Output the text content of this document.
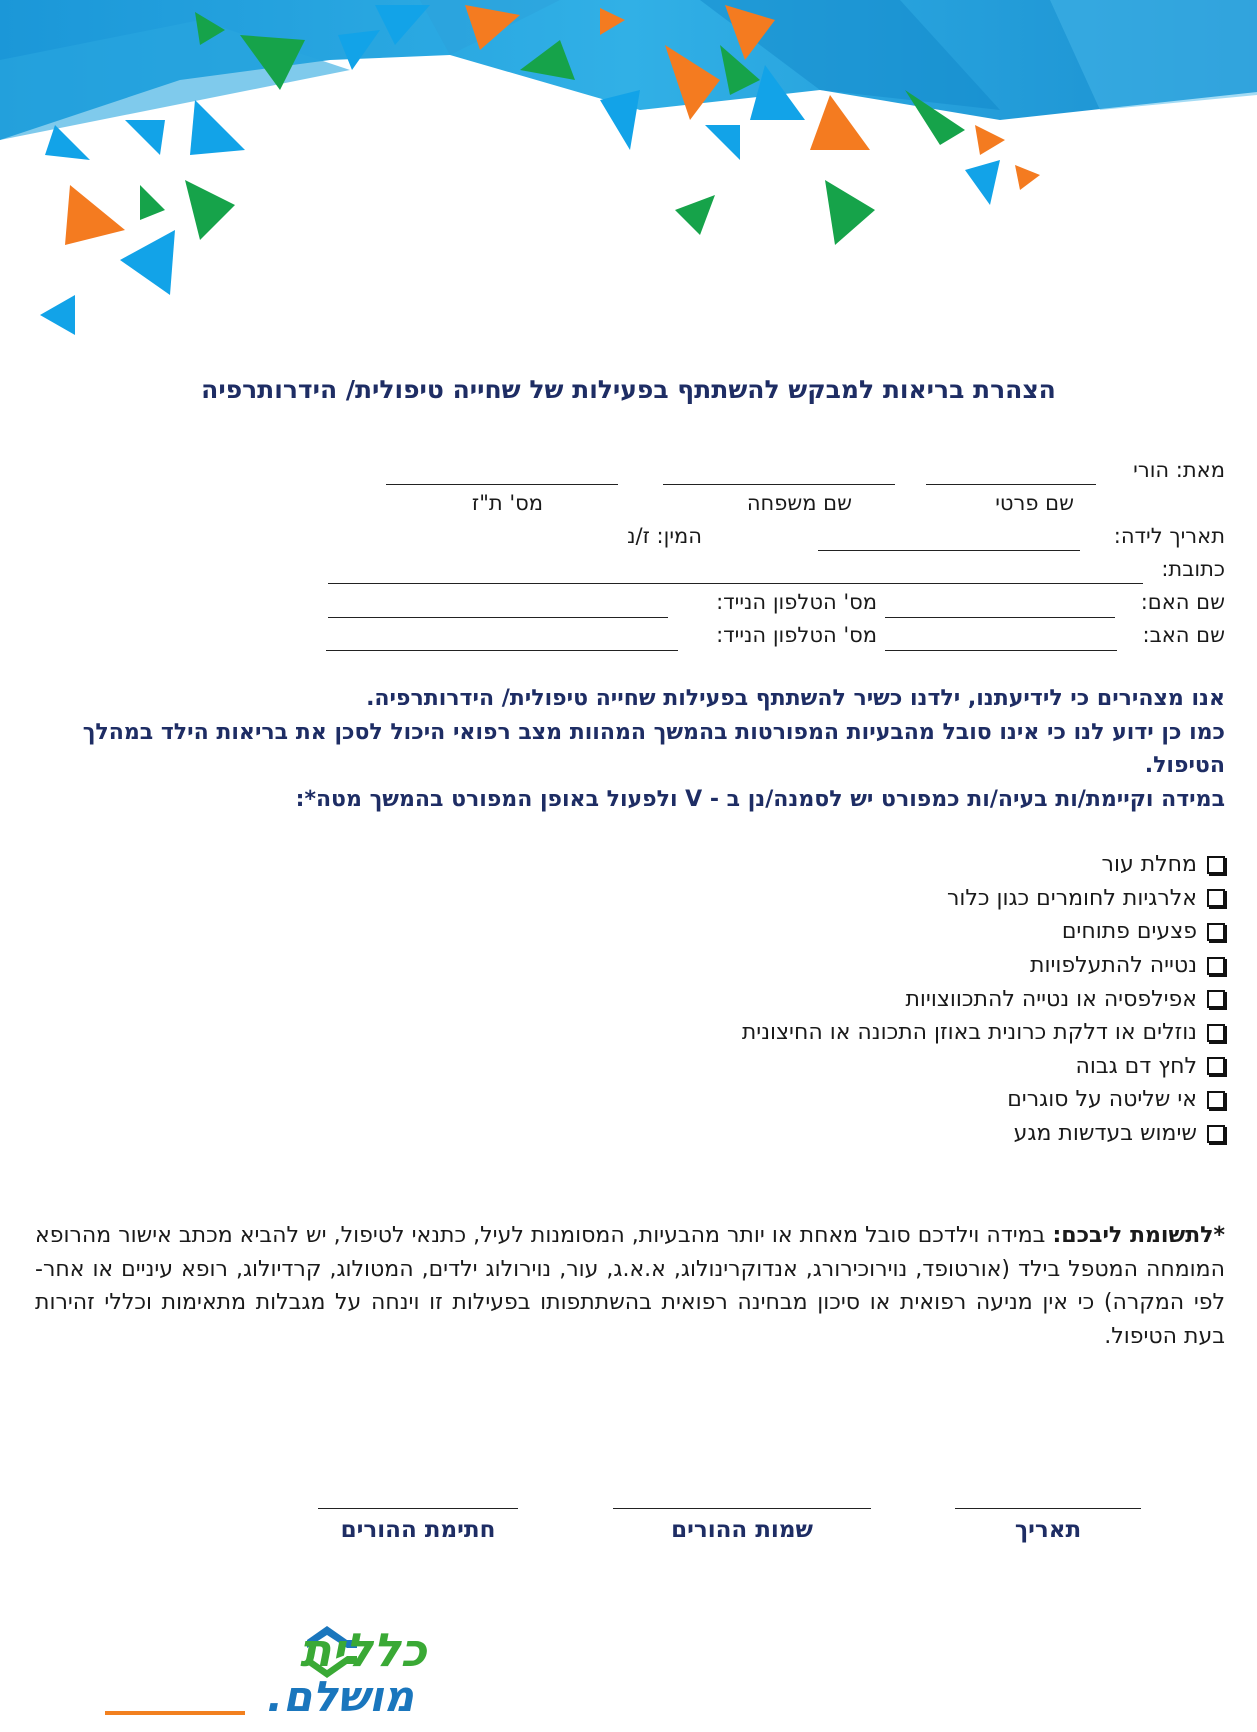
הצהרת בריאות למבקש להשתתף בפעילות של שחייה טיפולית/ הידרותרפיה
מאת: הורי
שם פרטי
שם משפחה
מס' ת"ז
תאריך לידה:
המין: ז/נ
כתובת:
שם האם:
מס' הטלפון הנייד:
שם האב:
מס' הטלפון הנייד:

אנו מצהירים כי לידיעתנו, ילדנו כשיר להשתתף בפעילות שחייה טיפולית/ הידרותרפיה.

כמו כן ידוע לנו כי אינו סובל מהבעיות המפורטות בהמשך המהוות מצב רפואי היכול לסכן את בריאות הילד במהלך הטיפול.

במידה וקיימת/ות בעיה/ות כמפורט יש לסמנה/נן ב - V ולפעול באופן המפורט בהמשך מטה*:

מחלת עור
אלרגיות לחומרים כגון כלור
פצעים פתוחים
נטייה להתעלפויות
אפילפסיה או נטייה להתכווצויות
נוזלים או דלקת כרונית באוזן התכונה או החיצונית
לחץ דם גבוה
אי שליטה על סוגרים
שימוש בעדשות מגע
*לתשומת ליבכם: במידה וילדכם סובל מאחת או יותר מהבעיות, המסומנות לעיל, כתנאי לטיפול, יש להביא מכתב אישור מהרופא המומחה המטפל בילד (אורטופד, נוירוכירורג, אנדוקרינולוג, א.א.ג, עור, נוירולוג ילדים, המטולוג, קרדיולוג, רופא עיניים או אחר- לפי המקרה) כי אין מניעה רפואית או סיכון מבחינה רפואית בהשתתפותו בפעילות זו וינחה על מגבלות מתאימות וכללי זהירות בעת הטיפול.
תאריך
שמות ההורים
חתימת ההורים
כללית
מושלם.
